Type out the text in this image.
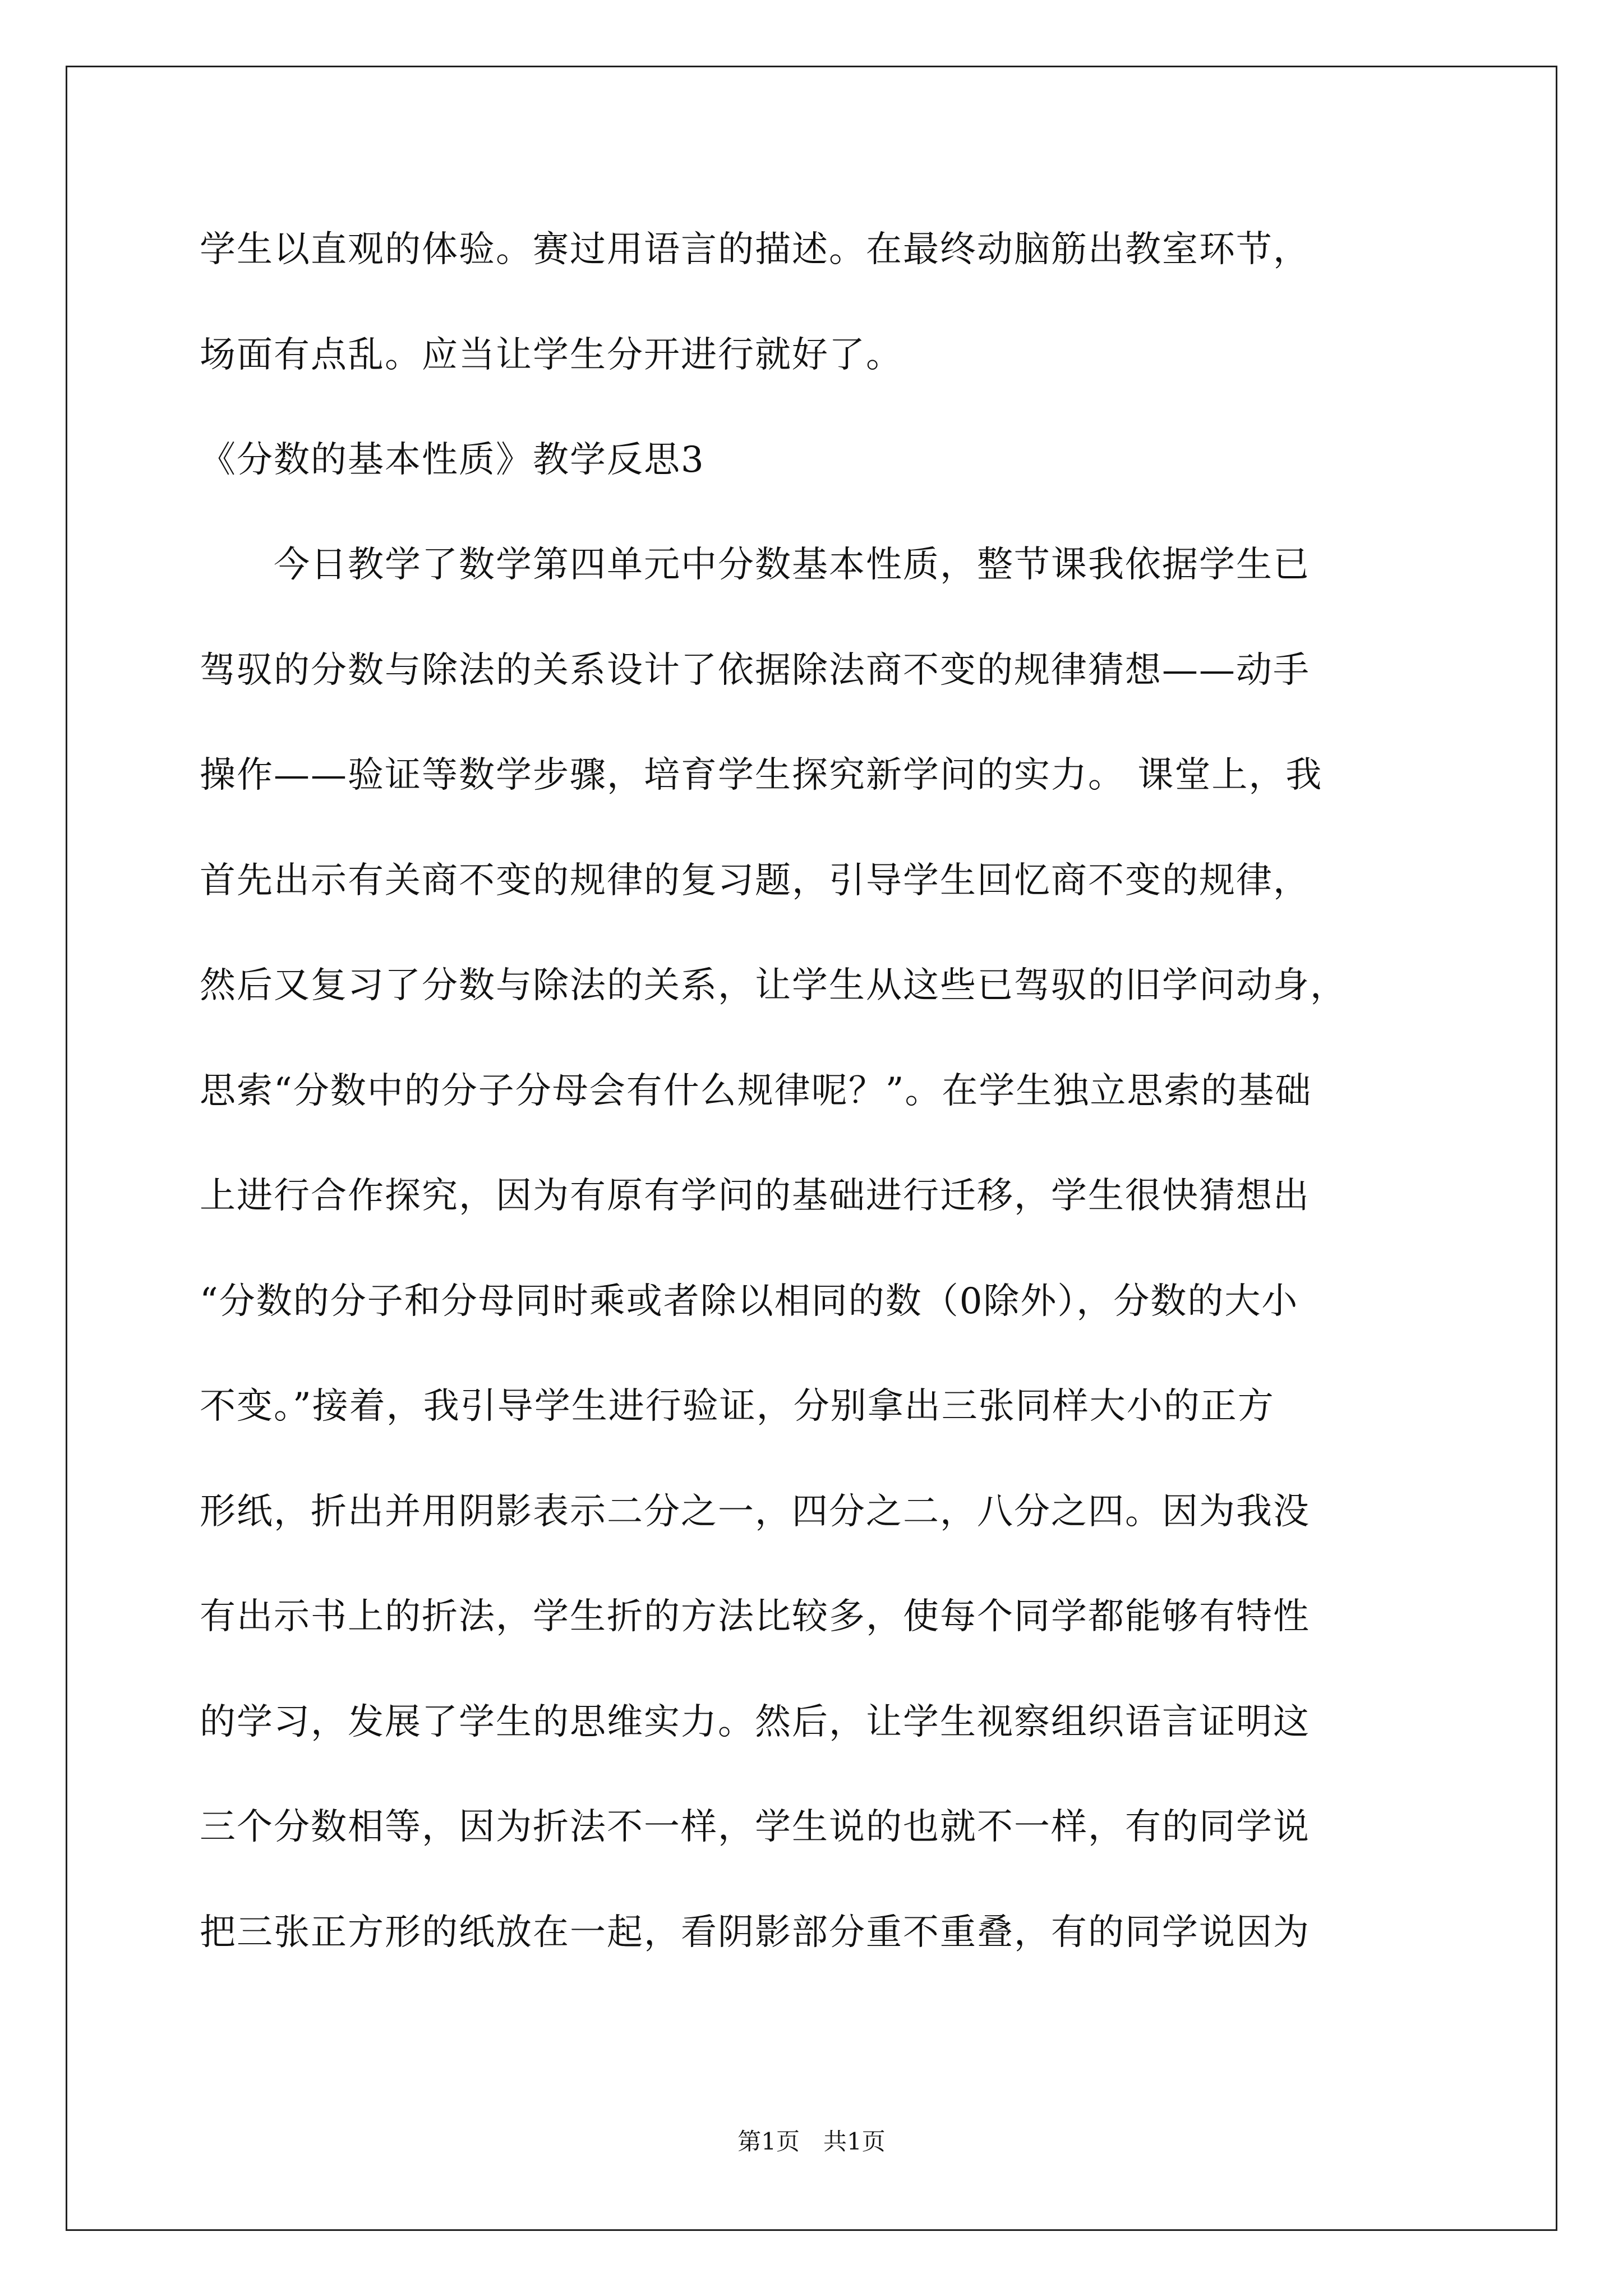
学生以直观的体验。赛过用语言的描述。在最终动脑筋出教室环节，
场面有点乱。应当让学生分开进行就好了。
《分数的基本性质》教学反思3
　　今日教学了数学第四单元中分数基本性质，整节课我依据学生已
驾驭的分数与除法的关系设计了依据除法商不变的规律猜想——动手
操作——验证等数学步骤，培育学生探究新学问的实力。 课堂上，我
首先出示有关商不变的规律的复习题，引导学生回忆商不变的规律，
然后又复习了分数与除法的关系，让学生从这些已驾驭的旧学问动身，
思索“分数中的分子分母会有什么规律呢？”。在学生独立思索的基础
上进行合作探究，因为有原有学问的基础进行迁移，学生很快猜想出
“分数的分子和分母同时乘或者除以相同的数（0除外），分数的大小
不变。”接着，我引导学生进行验证，分别拿出三张同样大小的正方
形纸，折出并用阴影表示二分之一，四分之二，八分之四。因为我没
有出示书上的折法，学生折的方法比较多，使每个同学都能够有特性
的学习，发展了学生的思维实力。然后，让学生视察组织语言证明这
三个分数相等，因为折法不一样，学生说的也就不一样，有的同学说
把三张正方形的纸放在一起，看阴影部分重不重叠，有的同学说因为
第1页　共1页
